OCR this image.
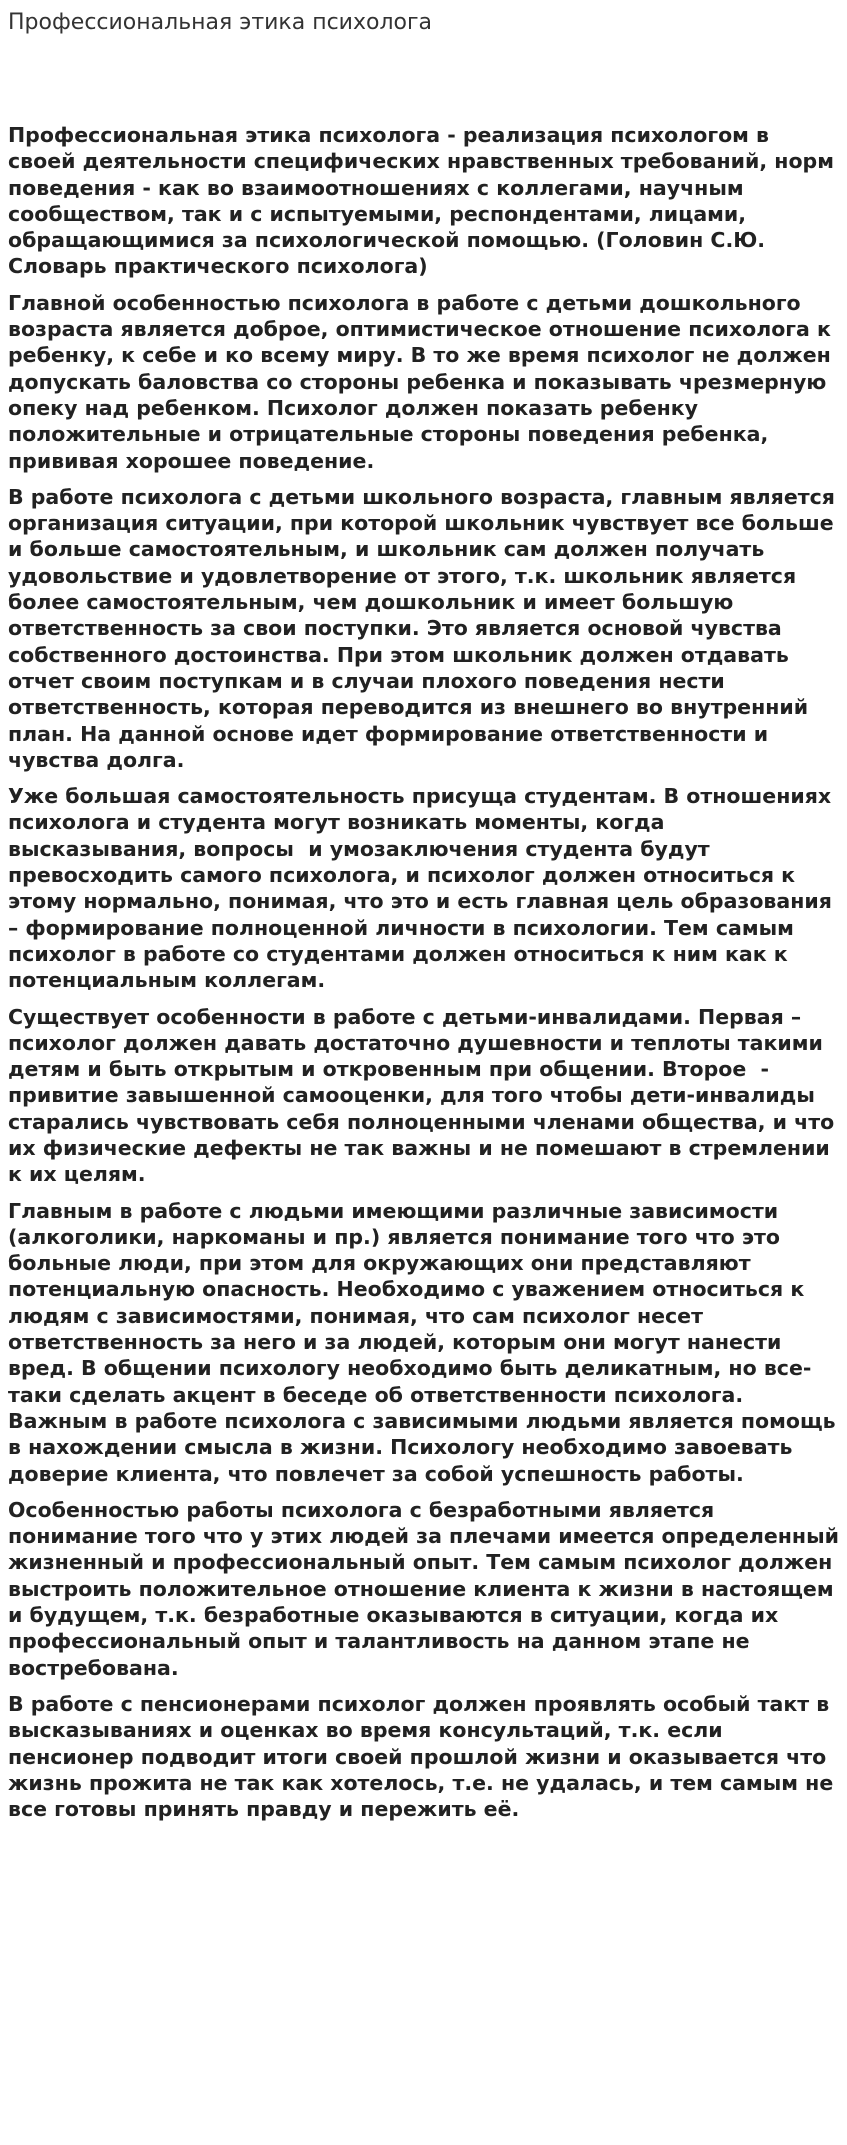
Профессиональная этика психолога

Профессиональная этика психолога - реализация психологом в своей деятельности специфических нравственных требований, норм поведения - как во взаимоотношениях с коллегами, научным сообществом, так и с испытуемыми, респондентами, лицами, обращающимися за психологической помощью. (Головин С.Ю. Словарь практического психолога)

Главной особенностью психолога в работе с детьми дошкольного возраста является доброе, оптимистическое отношение психолога к ребенку, к себе и ко всему миру. В то же время психолог не должен допускать баловства со стороны ребенка и показывать чрезмерную опеку над ребенком. Психолог должен показать ребенку положительные и отрицательные стороны поведения ребенка, прививая хорошее поведение.

В работе психолога с детьми школьного возраста, главным является организация ситуации, при которой школьник чувствует все больше и больше самостоятельным, и школьник сам должен получать удовольствие и удовлетворение от этого, т.к. школьник является более самостоятельным, чем дошкольник и имеет большую ответственность за свои поступки. Это является основой чувства собственного достоинства. При этом школьник должен отдавать отчет своим поступкам и в случаи плохого поведения нести ответственность, которая переводится из внешнего во внутренний план. На данной основе идет формирование ответственности и чувства долга.

Уже большая самостоятельность присуща студентам. В отношениях психолога и студента могут возникать моменты, когда высказывания, вопросы  и умозаключения студента будут превосходить самого психолога, и психолог должен относиться к этому нормально, понимая, что это и есть главная цель образования – формирование полноценной личности в психологии. Тем самым психолог в работе со студентами должен относиться к ним как к потенциальным коллегам.

Существует особенности в работе с детьми-инвалидами. Первая – психолог должен давать достаточно душевности и теплоты такими детям и быть открытым и откровенным при общении. Второе  - привитие завышенной самооценки, для того чтобы дети-инвалиды старались чувствовать себя полноценными членами общества, и что их физические дефекты не так важны и не помешают в стремлении к их целям.

Главным в работе с людьми имеющими различные зависимости (алкоголики, наркоманы и пр.) является понимание того что это больные люди, при этом для окружающих они представляют потенциальную опасность. Необходимо с уважением относиться к людям с зависимостями, понимая, что сам психолог несет ответственность за него и за людей, которым они могут нанести вред. В общении психологу необходимо быть деликатным, но все-таки сделать акцент в беседе об ответственности психолога. Важным в работе психолога с зависимыми людьми является помощь в нахождении смысла в жизни. Психологу необходимо завоевать доверие клиента, что повлечет за собой успешность работы.

Особенностью работы психолога с безработными является понимание того что у этих людей за плечами имеется определенный жизненный и профессиональный опыт. Тем самым психолог должен выстроить положительное отношение клиента к жизни в настоящем и будущем, т.к. безработные оказываются в ситуации, когда их профессиональный опыт и талантливость на данном этапе не востребована.

В работе с пенсионерами психолог должен проявлять особый такт в высказываниях и оценках во время консультаций, т.к. если пенсионер подводит итоги своей прошлой жизни и оказывается что жизнь прожита не так как хотелось, т.е. не удалась, и тем самым не все готовы принять правду и пережить её.
